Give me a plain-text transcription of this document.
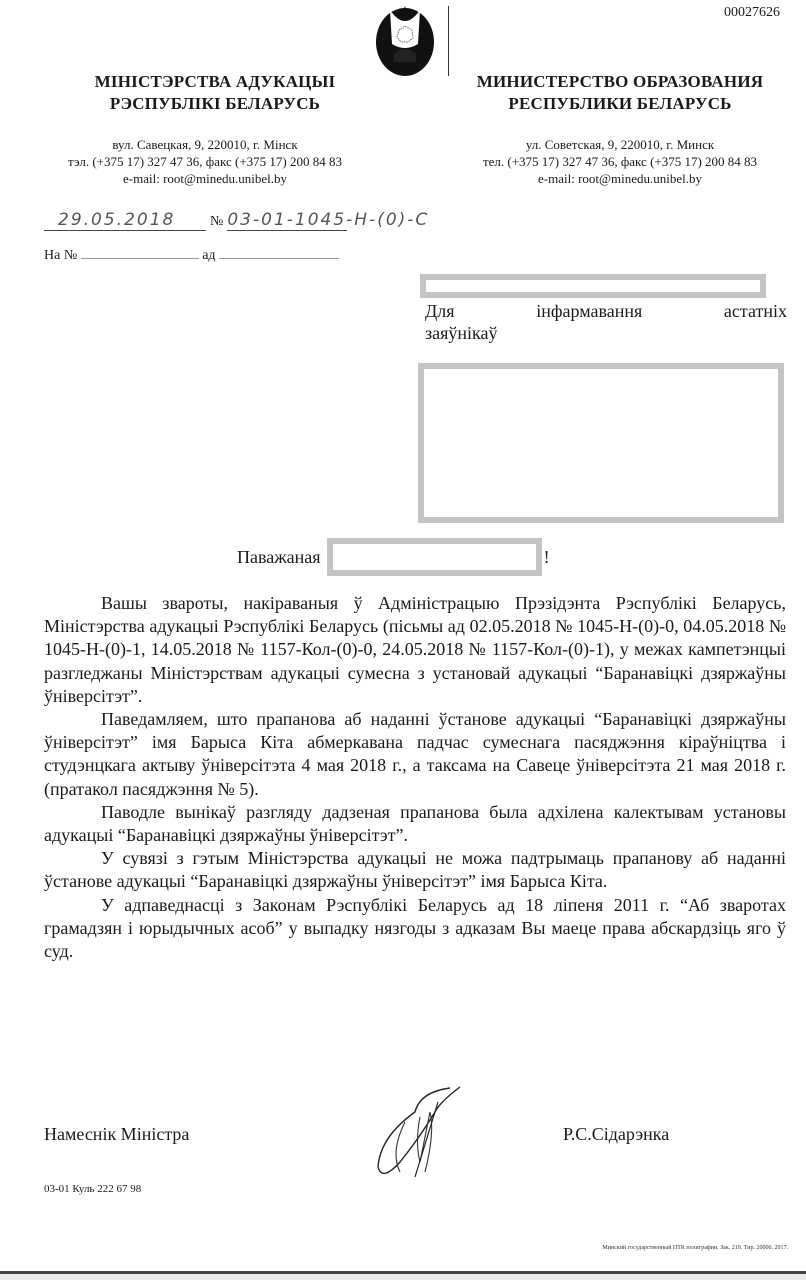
00027626
МІНІСТЭРСТВА АДУКАЦЫІ
РЭСПУБЛІКІ БЕЛАРУСЬ
МИНИСТЕРСТВО ОБРАЗОВАНИЯ
РЕСПУБЛИКИ БЕЛАРУСЬ
вул. Савецкая, 9, 220010, г. Мінск
тэл. (+375 17) 327 47 36, факс (+375 17) 200 84 83
e-mail: root@minedu.unibel.by
ул. Советская, 9, 220010, г. Минск
тел. (+375 17) 327 47 36, факс (+375 17) 200 84 83
e-mail: root@minedu.unibel.by
29.05.2018 № 03-01-1045-Н-(0)-С
На №	ад
Для інфармавання астатніх
заяўнікаў
Паважаная	!

Вашы звароты, накіраваныя ў Адміністрацыю Прэзідэнта Рэспублікі Беларусь, Міністэрства адукацыі Рэспублікі Беларусь (пісьмы ад 02.05.2018 № 1045-Н-(0)-0, 04.05.2018 № 1045-Н-(0)-1, 14.05.2018 № 1157-Кол-(0)-0, 24.05.2018 № 1157-Кол-(0)-1), у межах кампетэнцыі разгледжаны Міністэрствам адукацыі сумесна з установай адукацыі “Баранавіцкі дзяржаўны ўніверсітэт”.

Паведамляем, што прапанова аб наданні ўстанове адукацыі “Баранавіцкі дзяржаўны ўніверсітэт” імя Барыса Кіта абмеркавана падчас сумеснага пасяджэння кіраўніцтва і студэнцкага актыву ўніверсітэта 4 мая 2018 г., а таксама на Савеце ўніверсітэта 21 мая 2018 г. (пратакол пасяджэння № 5).

Паводле вынікаў разгляду дадзеная прапанова была адхілена калектывам установы адукацыі “Баранавіцкі дзяржаўны ўніверсітэт”.

У сувязі з гэтым Міністэрства адукацыі не можа падтрымаць прапанову аб наданні ўстанове адукацыі “Баранавіцкі дзяржаўны ўніверсітэт” імя Барыса Кіта.

У адпаведнасці з Законам Рэспублікі Беларусь ад 18 ліпеня 2011 г. “Аб зваротах грамадзян і юрыдычных асоб” у выпадку нязгоды з адказам Вы маеце права абскардзіць яго ў суд.

Намеснік Міністра	Р.С.Сідарэнка
03-01 Куль 222 67 98
Минский государственный ПТК полиграфии. Зак. 219. Тир. 20000. 2017.
